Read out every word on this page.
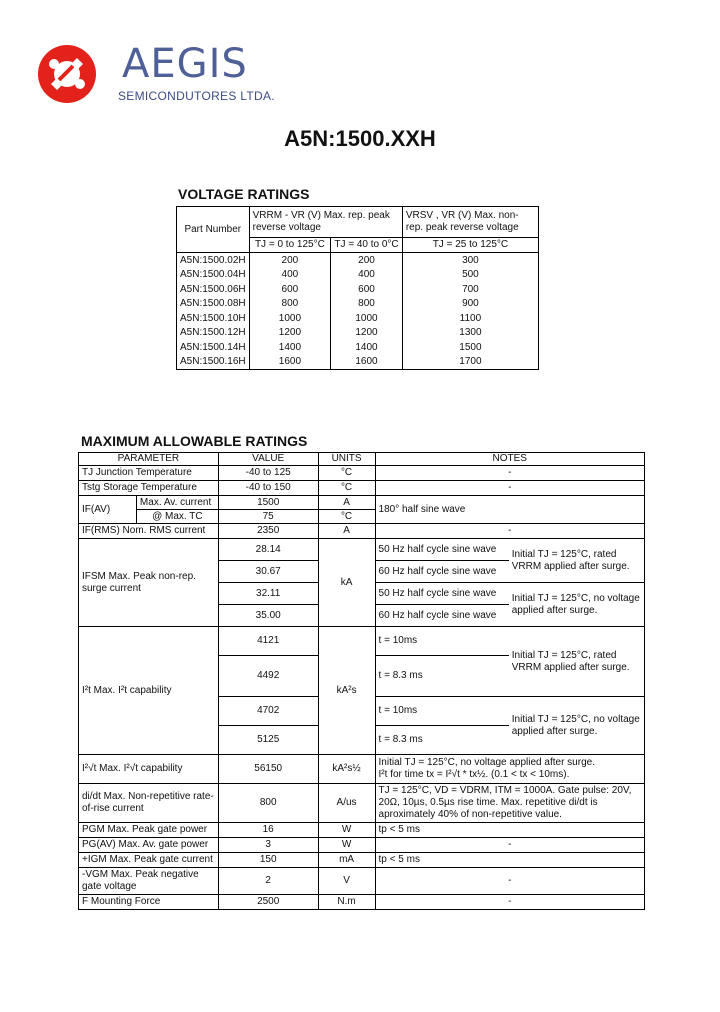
AEGIS
SEMICONDUTORES LTDA.
A5N:1500.XXH
VOLTAGE RATINGS
Part Number	VRRM - VR (V) Max. rep. peak reverse voltage		VRSV , VR (V) Max. non-rep. peak reverse voltage
	TJ = 0 to 125°C	TJ = 40 to 0°C	TJ = 25 to 125°C
A5N:1500.02H	200	200	300
A5N:1500.04H	400	400	500
A5N:1500.06H	600	600	700
A5N:1500.08H	800	800	900
A5N:1500.10H	1000	1000	1100
A5N:1500.12H	1200	1200	1300
A5N:1500.14H	1400	1400	1500
A5N:1500.16H	1600	1600	1700
MAXIMUM ALLOWABLE RATINGS
PARAMETER		VALUE	UNITS	NOTES	
TJ Junction Temperature		-40 to 125	°C	-	
Tstg Storage Temperature		-40 to 150	°C	-	
IF(AV)	Max. Av. current	1500	A	180° half sine wave	
	@ Max. TC	75	°C		
IF(RMS) Nom. RMS current		2350	A	-	
IFSM Max. Peak non-rep. surge current		28.14	kA	50 Hz half cycle sine wave	Initial TJ = 125°C, rated VRRM applied after surge.
		30.67		60 Hz half cycle sine wave	
		32.11		50 Hz half cycle sine wave	Initial TJ = 125°C, no voltage applied after surge.
		35.00		60 Hz half cycle sine wave	
I²t Max. I²t capability		4121	kA²s	t = 10ms	Initial TJ = 125°C, rated VRRM applied after surge.
		4492		t = 8.3 ms	
		4702		t = 10ms	Initial TJ = 125°C, no voltage applied after surge.
		5125		t = 8.3 ms	
I²√t Max. I²√t capability		56150	kA²s½	Initial TJ = 125°C, no voltage applied after surge.
I²t for time tx = I²√t * tx½. (0.1 < tx < 10ms).	

di/dt Max. Non-repetitive rate-of-rise current		800	A/us	TJ = 125°C, VD = VDRM, ITM = 1000A. Gate pulse: 20V, 20Ω, 10µs, 0.5µs rise time. Max. repetitive di/dt is aproximately 40% of non-repetitive value.	
PGM Max. Peak gate power		16	W	tp < 5 ms	
PG(AV) Max. Av. gate power		3	W	-	
+IGM Max. Peak gate current		150	mA	tp < 5 ms	
-VGM Max. Peak negative gate voltage		2	V	-	
F Mounting Force		2500	N.m	-	
